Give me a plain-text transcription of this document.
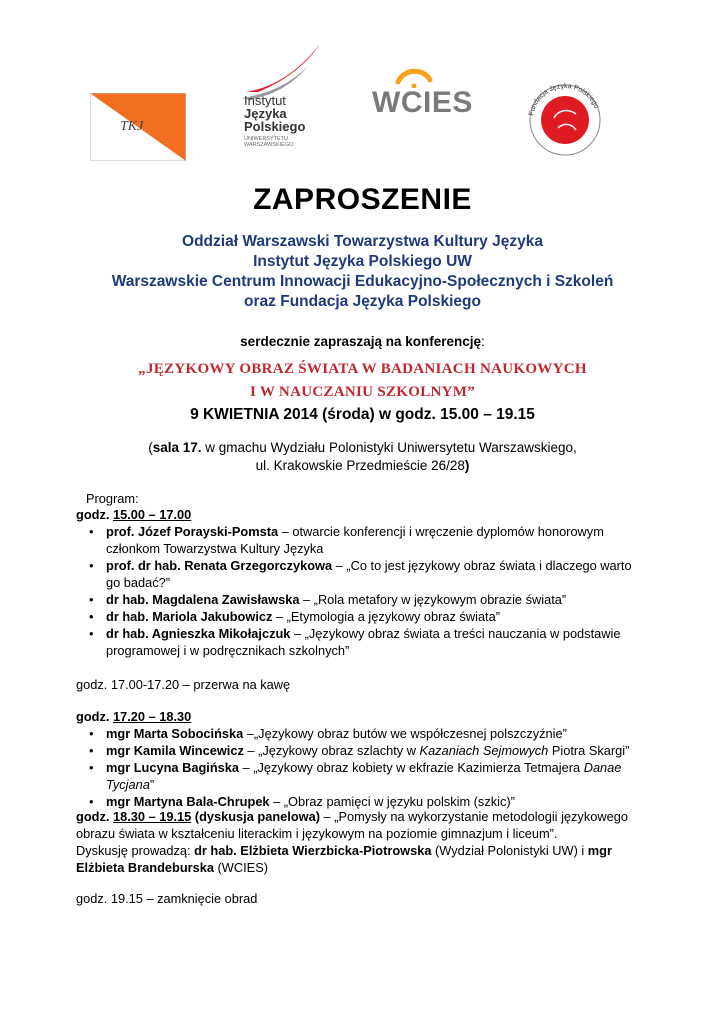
TKJ
Instytut
Języka
Polskiego
UNIWERSYTETU
WARSZAWSKIEGO
WCIES	Fundacja Języka Polskiego
ZAPROSZENIE
Oddział Warszawski Towarzystwa Kultury Języka
Instytut Języka Polskiego UW
Warszawskie Centrum Innowacji Edukacyjno-Społecznych i Szkoleń
oraz Fundacja Języka Polskiego
serdecznie zapraszają na konferencję:
„JĘZYKOWY OBRAZ ŚWIATA W BADANIACH NAUKOWYCH
I W NAUCZANIU SZKOLNYM”
9 KWIETNIA 2014 (środa) w godz. 15.00 – 19.15
(sala 17. w gmachu Wydziału Polonistyki Uniwersytetu Warszawskiego,
ul. Krakowskie Przedmieście 26/28)
Program:
godz. 15.00 – 17.00
• prof. Józef Porayski-Pomsta – otwarcie konferencji i wręczenie dyplomów honorowym członkom Towarzystwa Kultury Języka
• prof. dr hab. Renata Grzegorczykowa – „Co to jest językowy obraz świata i dlaczego warto go badać?”
• dr hab. Magdalena Zawisławska – „Rola metafory w językowym obrazie świata”
• dr hab. Mariola Jakubowicz – „Etymologia a językowy obraz świata”
• dr hab. Agnieszka Mikołajczuk – „Językowy obraz świata a treści nauczania w podstawie programowej i w podręcznikach szkolnych”
godz. 17.00-17.20 – przerwa na kawę
godz. 17.20 – 18.30
• mgr Marta Sobocińska –„Językowy obraz butów we współczesnej polszczyźnie”
• mgr Kamila Wincewicz – „Językowy obraz szlachty w Kazaniach Sejmowych Piotra Skargi”
• mgr Lucyna Bagińska – „Językowy obraz kobiety w ekfrazie Kazimierza Tetmajera Danae Tycjana”
• mgr Martyna Bala-Chrupek – „Obraz pamięci w języku polskim (szkic)”
godz. 18.30 – 19.15 (dyskusja panelowa) – „Pomysły na wykorzystanie metodologii językowego obrazu świata w kształceniu literackim i językowym na poziomie gimnazjum i liceum”.
Dyskusję prowadzą: dr hab. Elżbieta Wierzbicka-Piotrowska (Wydział Polonistyki UW) i mgr Elżbieta Brandeburska (WCIES)
godz. 19.15 – zamknięcie obrad
